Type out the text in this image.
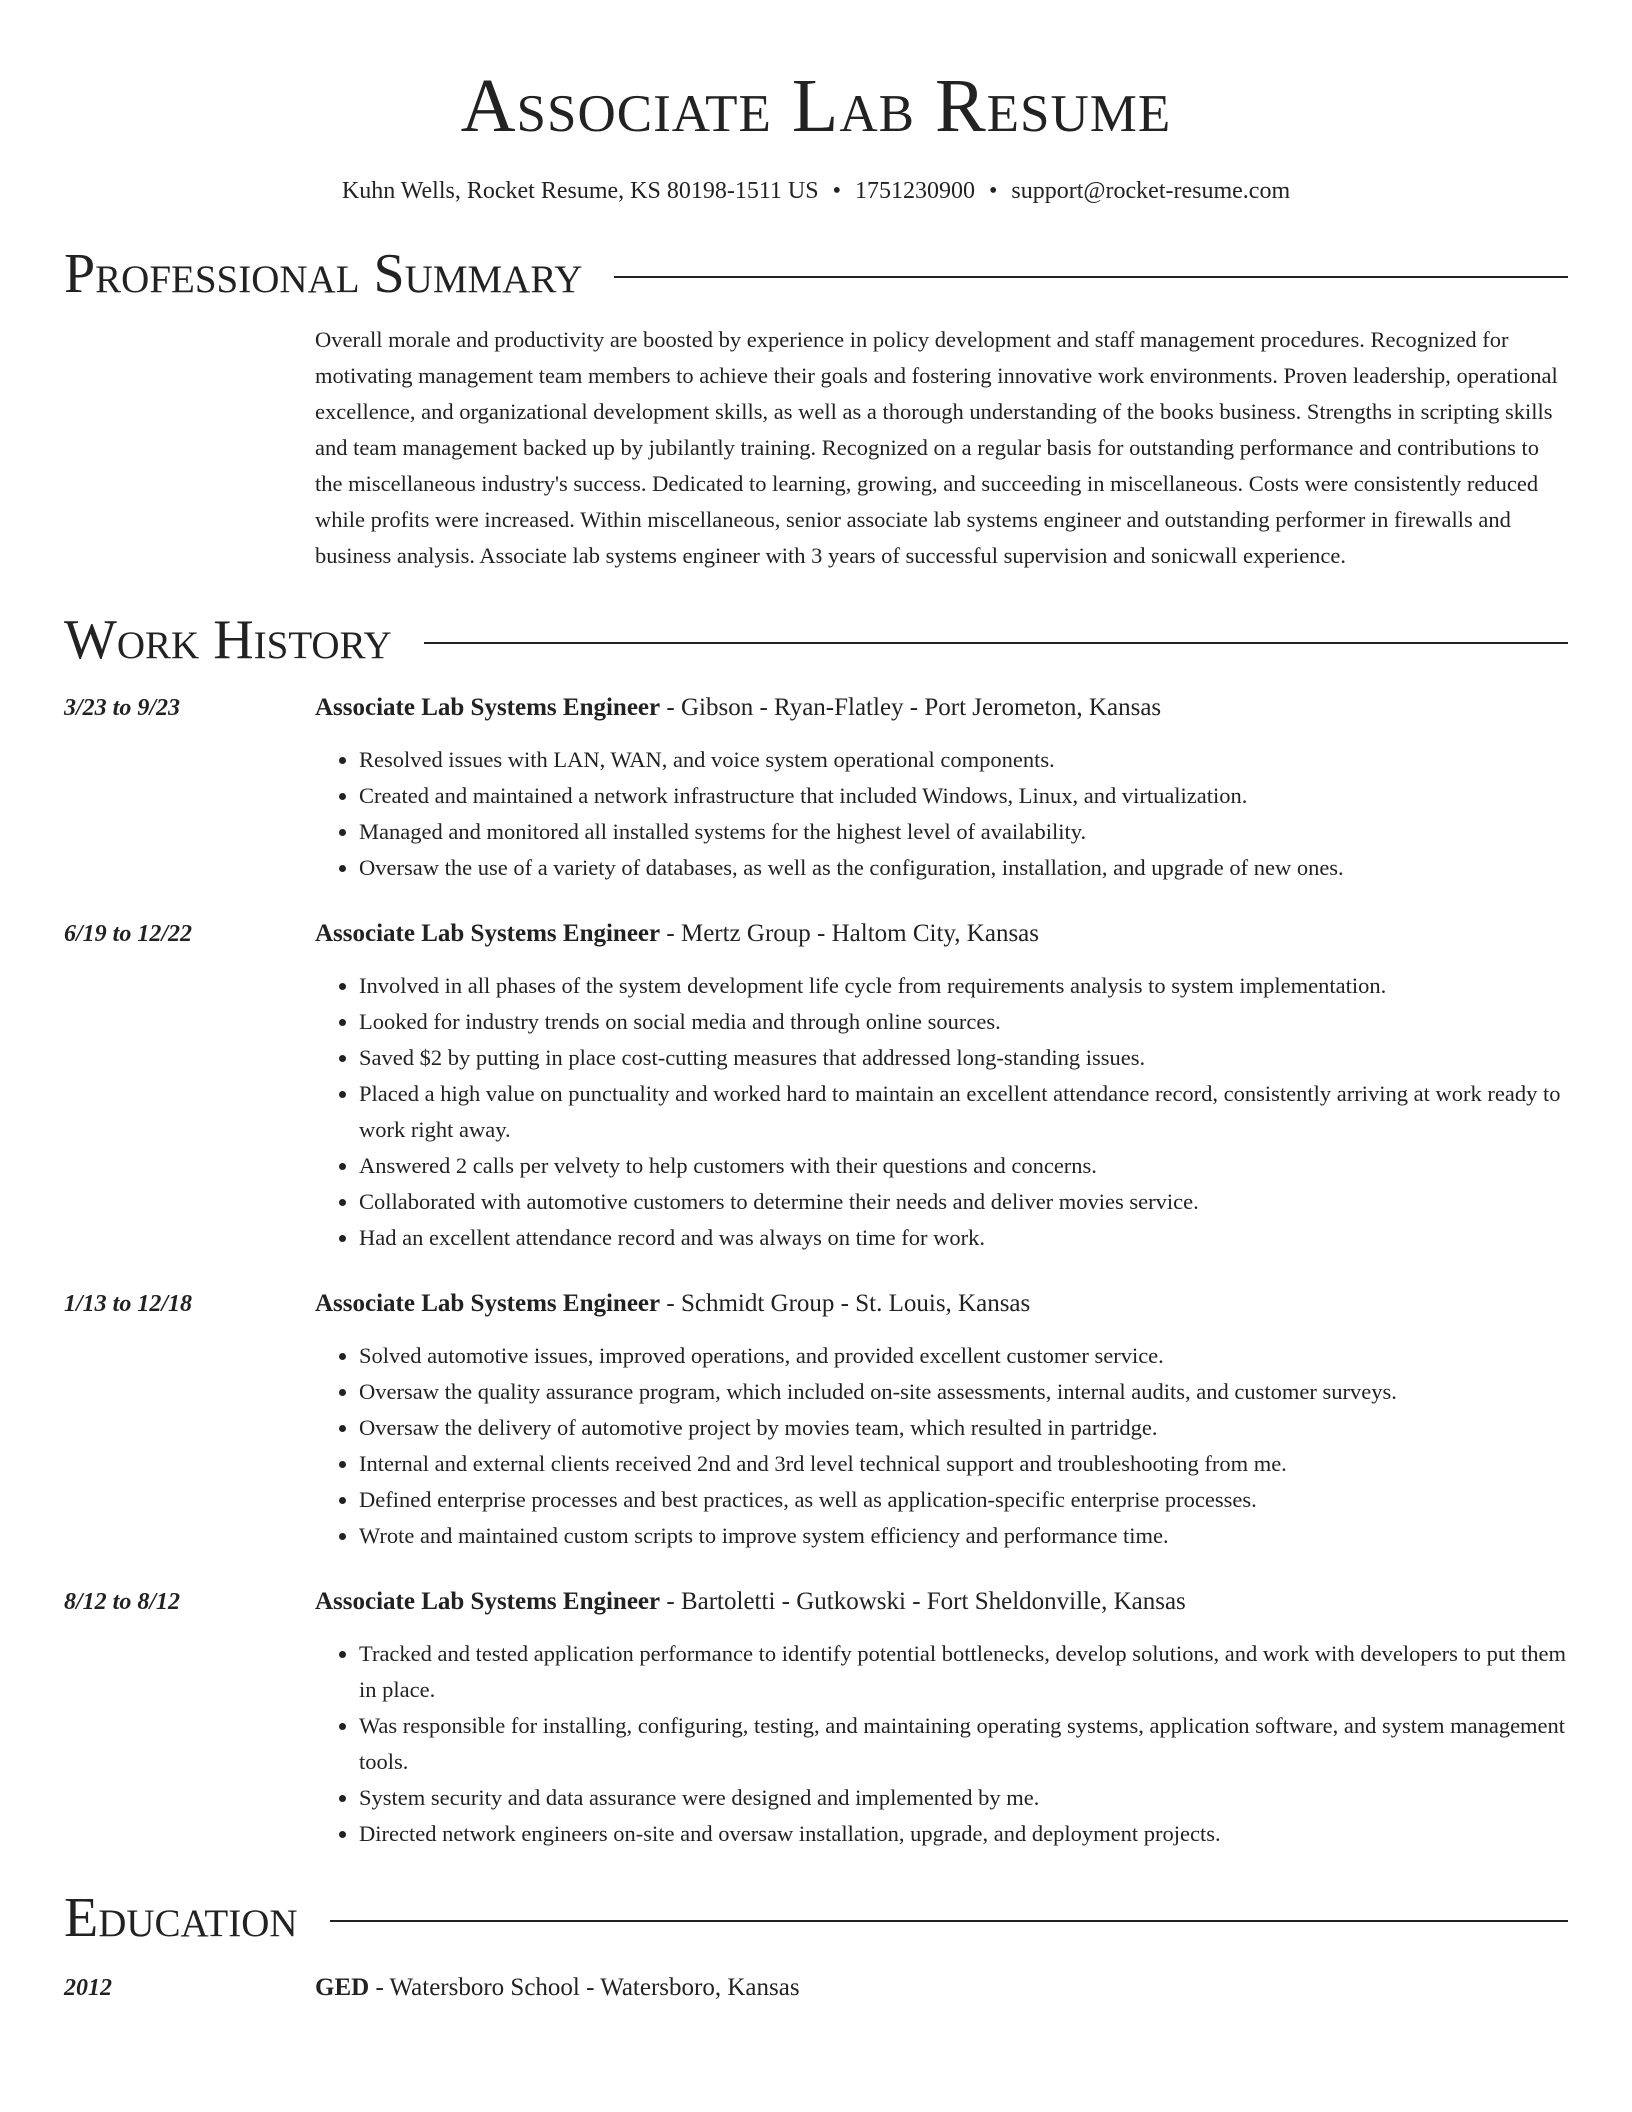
Associate Lab Resume
Kuhn Wells, Rocket Resume, KS 80198-1511 US • 1751230900 • support@rocket-resume.com
Professional Summary
Overall morale and productivity are boosted by experience in policy development and staff management procedures. Recognized for motivating management team members to achieve their goals and fostering innovative work environments. Proven leadership, operational excellence, and organizational development skills, as well as a thorough understanding of the books business. Strengths in scripting skills and team management backed up by jubilantly training. Recognized on a regular basis for outstanding performance and contributions to the miscellaneous industry's success. Dedicated to learning, growing, and succeeding in miscellaneous. Costs were consistently reduced while profits were increased. Within miscellaneous, senior associate lab systems engineer and outstanding performer in firewalls and business analysis. Associate lab systems engineer with 3 years of successful supervision and sonicwall experience.
Work History
3/23 to 9/23	Associate Lab Systems Engineer - Gibson - Ryan-Flatley - Port Jerometon, Kansas
• Resolved issues with LAN, WAN, and voice system operational components.
• Created and maintained a network infrastructure that included Windows, Linux, and virtualization.
• Managed and monitored all installed systems for the highest level of availability.
• Oversaw the use of a variety of databases, as well as the configuration, installation, and upgrade of new ones.
6/19 to 12/22	Associate Lab Systems Engineer - Mertz Group - Haltom City, Kansas
• Involved in all phases of the system development life cycle from requirements analysis to system implementation.
• Looked for industry trends on social media and through online sources.
• Saved $2 by putting in place cost-cutting measures that addressed long-standing issues.
• Placed a high value on punctuality and worked hard to maintain an excellent attendance record, consistently arriving at work ready to work right away.
• Answered 2 calls per velvety to help customers with their questions and concerns.
• Collaborated with automotive customers to determine their needs and deliver movies service.
• Had an excellent attendance record and was always on time for work.
1/13 to 12/18	Associate Lab Systems Engineer - Schmidt Group - St. Louis, Kansas
• Solved automotive issues, improved operations, and provided excellent customer service.
• Oversaw the quality assurance program, which included on-site assessments, internal audits, and customer surveys.
• Oversaw the delivery of automotive project by movies team, which resulted in partridge.
• Internal and external clients received 2nd and 3rd level technical support and troubleshooting from me.
• Defined enterprise processes and best practices, as well as application-specific enterprise processes.
• Wrote and maintained custom scripts to improve system efficiency and performance time.
8/12 to 8/12	Associate Lab Systems Engineer - Bartoletti - Gutkowski - Fort Sheldonville, Kansas
• Tracked and tested application performance to identify potential bottlenecks, develop solutions, and work with developers to put them in place.
• Was responsible for installing, configuring, testing, and maintaining operating systems, application software, and system management tools.
• System security and data assurance were designed and implemented by me.
• Directed network engineers on-site and oversaw installation, upgrade, and deployment projects.
Education
2012	GED - Watersboro School - Watersboro, Kansas
